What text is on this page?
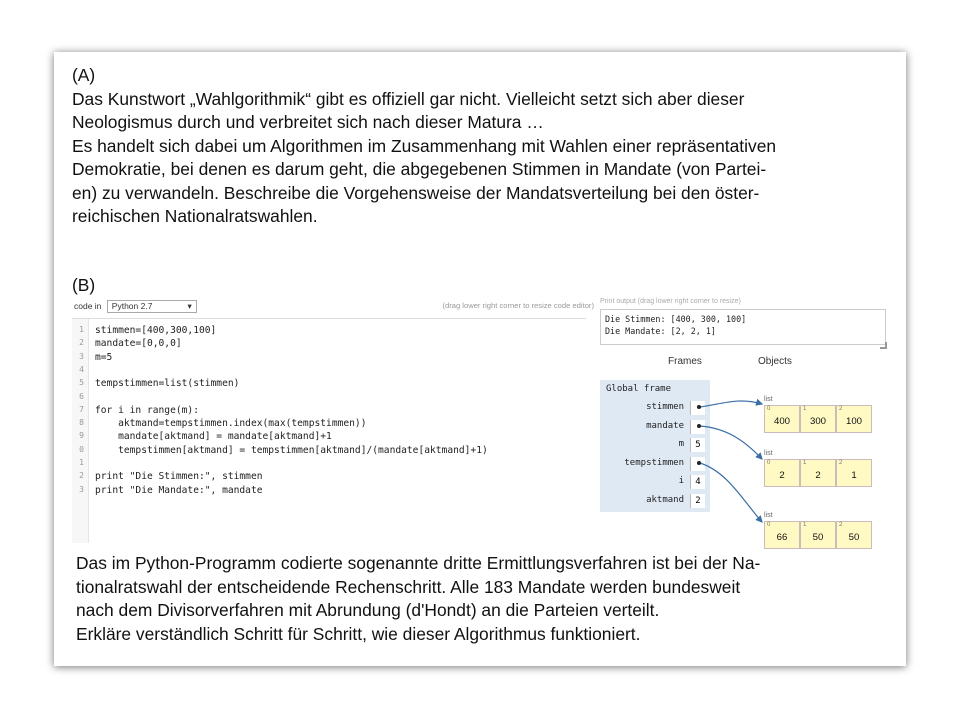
(A)
Das Kunstwort „Wahlgorithmik“ gibt es offiziell gar nicht. Vielleicht setzt sich aber dieser
Neologismus durch und verbreitet sich nach dieser Matura …
Es handelt sich dabei um Algorithmen im Zusammenhang mit Wahlen einer repräsentativen
Demokratie, bei denen es darum geht, die abgegebenen Stimmen in Mandate (von Partei-
en) zu verwandeln. Beschreibe die Vorgehensweise der Mandatsverteilung bei den öster-
reichischen Nationalratswahlen.
(B)
code in Python 2.7	▾	(drag lower right corner to resize code editor)
1
2
3
4
5
6
7
8
9
0
1
2
3
stimmen=[400,300,100]
mandate=[0,0,0]
m=5
tempstimmen=list(stimmen)
for i in range(m):
aktmand=tempstimmen.index(max(tempstimmen))
mandate[aktmand] = mandate[aktmand]+1
tempstimmen[aktmand] = tempstimmen[aktmand]/(mandate[aktmand]+1)
print "Die Stimmen:", stimmen
print "Die Mandate:", mandate
Print output (drag lower right corner to resize)
Die Stimmen: [400, 300, 100]
Die Mandate: [2, 2, 1]
Frames	Objects
Global frame
stimmen
mandate
m	5
tempstimmen
i	4
aktmand	2
list
0
400
1
300
2
100
list
0
2
1
2
2
1
list
0
66
1
50
2
50
Das im Python-Programm codierte sogenannte dritte Ermittlungsverfahren ist bei der Na-
tionalratswahl der entscheidende Rechenschritt. Alle 183 Mandate werden bundesweit
nach dem Divisorverfahren mit Abrundung (d'Hondt) an die Parteien verteilt.
Erkläre verständlich Schritt für Schritt, wie dieser Algorithmus funktioniert.
